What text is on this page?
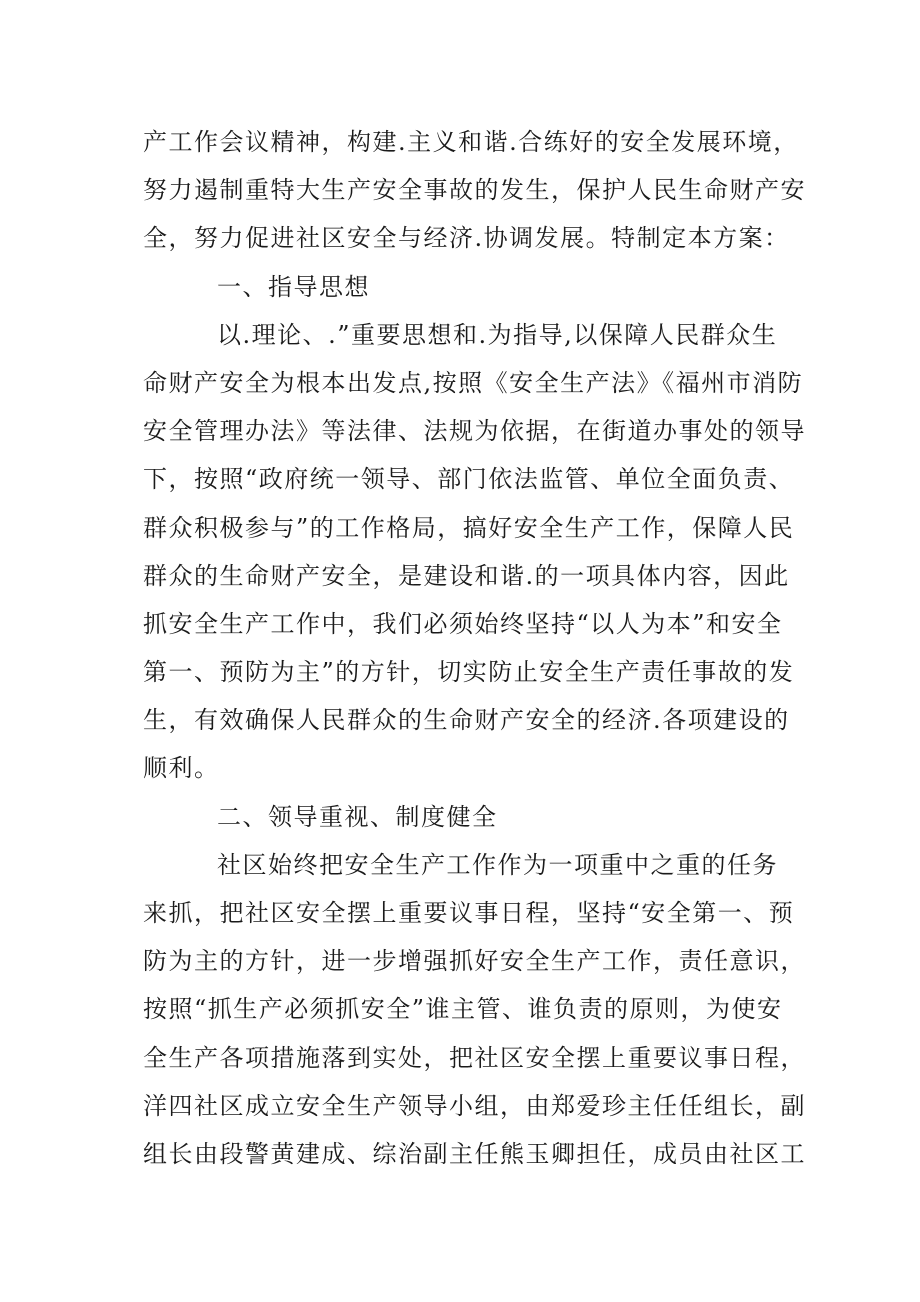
产工作会议精神，构建.主义和谐.合练好的安全发展环境，
努力遏制重特大生产安全事故的发生，保护人民生命财产安
全，努力促进社区安全与经济.协调发展。特制定本方案：
一、指导思想
以.理论、.”重要思想和.为指导,以保障人民群众生
命财产安全为根本出发点,按照《安全生产法》《福州市消防
安全管理办法》等法律、法规为依据，在街道办事处的领导
下，按照“政府统一领导、部门依法监管、单位全面负责、
群众积极参与”的工作格局，搞好安全生产工作，保障人民
群众的生命财产安全，是建设和谐.的一项具体内容，因此
抓安全生产工作中，我们必须始终坚持“以人为本”和安全
第一、预防为主”的方针，切实防止安全生产责任事故的发
生，有效确保人民群众的生命财产安全的经济.各项建设的
顺利。
二、领导重视、制度健全
社区始终把安全生产工作作为一项重中之重的任务
来抓，把社区安全摆上重要议事日程，坚持“安全第一、预
防为主的方针，进一步增强抓好安全生产工作，责任意识，
按照“抓生产必须抓安全”谁主管、谁负责的原则，为使安
全生产各项措施落到实处，把社区安全摆上重要议事日程，
洋四社区成立安全生产领导小组，由郑爱珍主任任组长，副
组长由段警黄建成、综治副主任熊玉卿担任，成员由社区工
